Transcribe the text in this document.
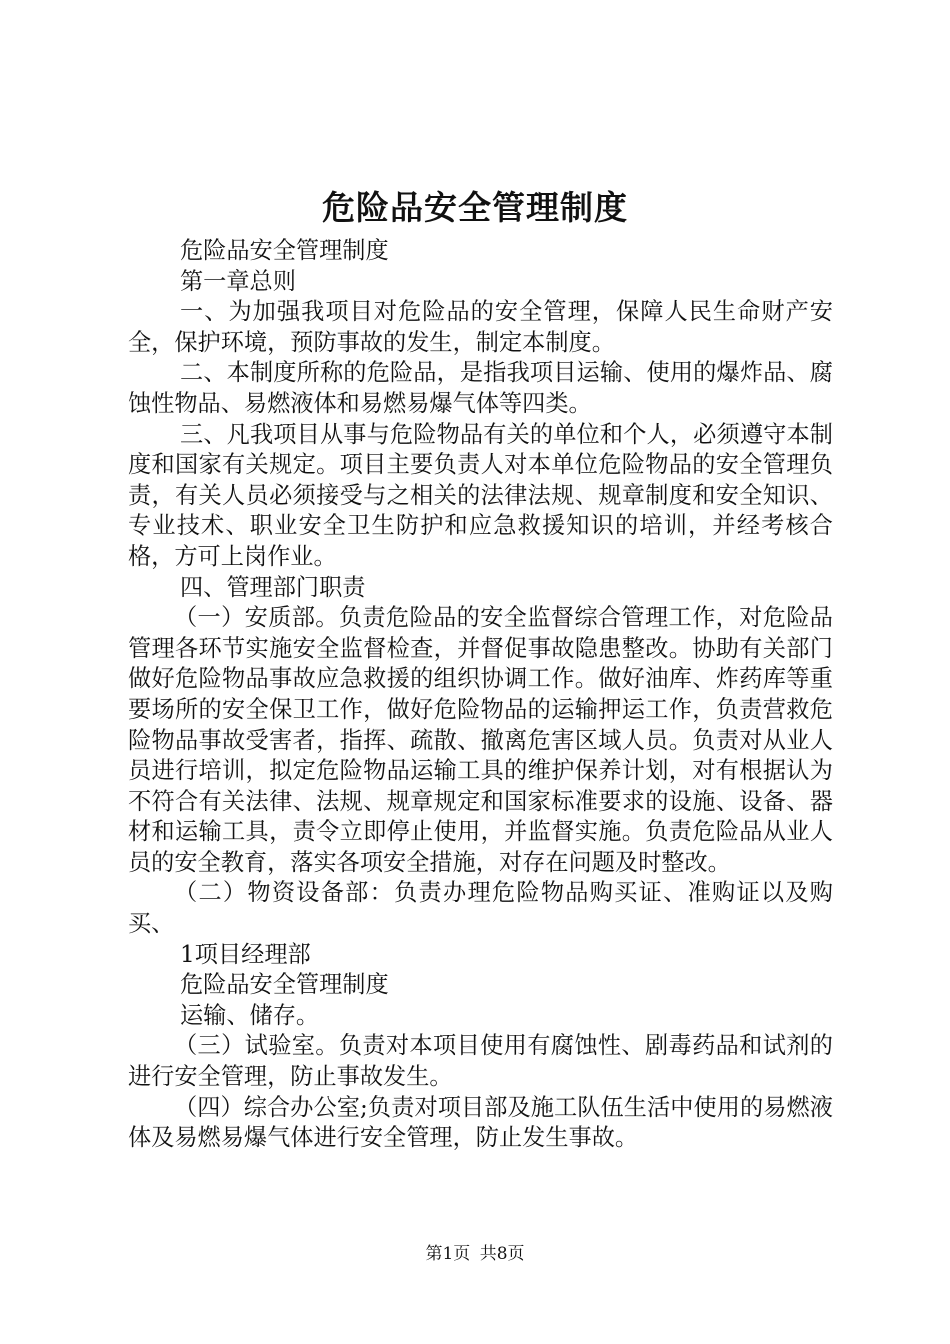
危险品安全管理制度

危险品安全管理制度

第一章总则

一、为加强我项目对危险品的安全管理，保障人民生命财产安全，保护环境，预防事故的发生，制定本制度。

二、本制度所称的危险品，是指我项目运输、使用的爆炸品、腐蚀性物品、易燃液体和易燃易爆气体等四类。

三、凡我项目从事与危险物品有关的单位和个人，必须遵守本制度和国家有关规定。项目主要负责人对本单位危险物品的安全管理负责，有关人员必须接受与之相关的法律法规、规章制度和安全知识、专业技术、职业安全卫生防护和应急救援知识的培训，并经考核合格，方可上岗作业。

四、管理部门职责

（一）安质部。负责危险品的安全监督综合管理工作，对危险品管理各环节实施安全监督检查，并督促事故隐患整改。协助有关部门做好危险物品事故应急救援的组织协调工作。做好油库、炸药库等重要场所的安全保卫工作，做好危险物品的运输押运工作，负责营救危险物品事故受害者，指挥、疏散、撤离危害区域人员。负责对从业人员进行培训，拟定危险物品运输工具的维护保养计划，对有根据认为不符合有关法律、法规、规章规定和国家标准要求的设施、设备、器材和运输工具，责令立即停止使用，并监督实施。负责危险品从业人员的安全教育，落实各项安全措施，对存在问题及时整改。

（二）物资设备部：负责办理危险物品购买证、准购证以及购买、

1项目经理部

危险品安全管理制度

运输、储存。

（三）试验室。负责对本项目使用有腐蚀性、剧毒药品和试剂的进行安全管理，防止事故发生。

（四）综合办公室;负责对项目部及施工队伍生活中使用的易燃液体及易燃易爆气体进行安全管理，防止发生事故。

第1页 共8页
